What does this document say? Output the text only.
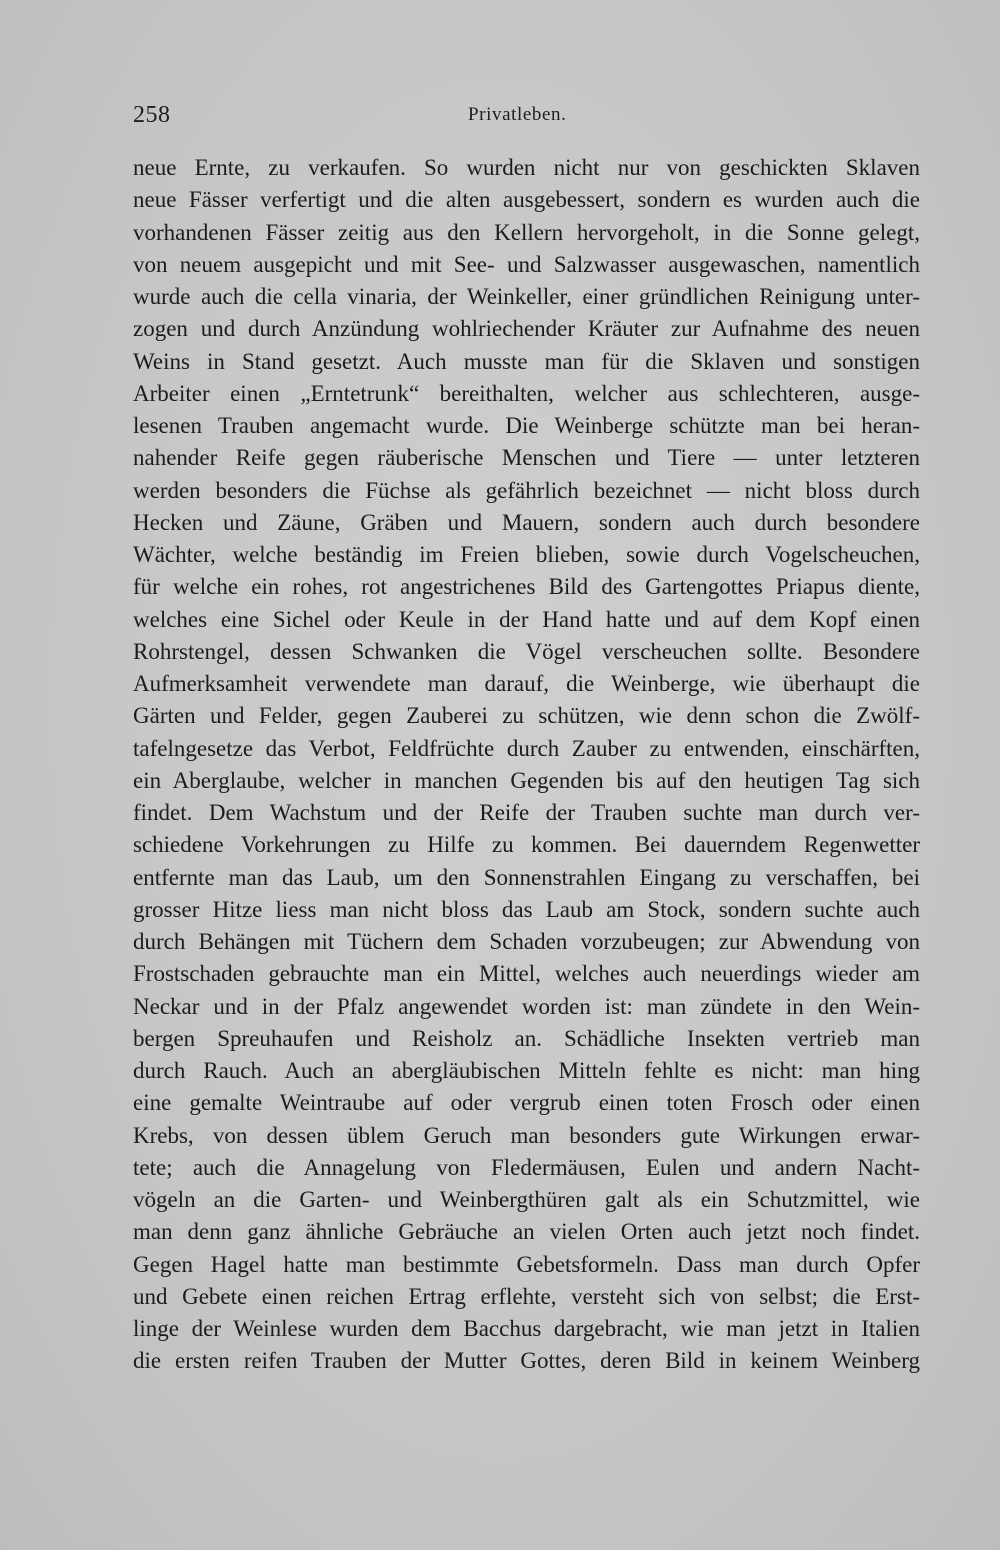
258	Privatleben.
neue Ernte, zu verkaufen. So wurden nicht nur von geschickten Sklaven
neue Fässer verfertigt und die alten ausgebessert, sondern es wurden auch die
vorhandenen Fässer zeitig aus den Kellern hervorgeholt, in die Sonne gelegt,
von neuem ausgepicht und mit See- und Salzwasser ausgewaschen, namentlich
wurde auch die cella vinaria, der Weinkeller, einer gründlichen Reinigung unter-
zogen und durch Anzündung wohlriechender Kräuter zur Aufnahme des neuen
Weins in Stand gesetzt. Auch musste man für die Sklaven und sonstigen
Arbeiter einen „Erntetrunk“ bereithalten, welcher aus schlechteren, ausge-
lesenen Trauben angemacht wurde. Die Weinberge schützte man bei heran-
nahender Reife gegen räuberische Menschen und Tiere — unter letzteren
werden besonders die Füchse als gefährlich bezeichnet — nicht bloss durch
Hecken und Zäune, Gräben und Mauern, sondern auch durch besondere
Wächter, welche beständig im Freien blieben, sowie durch Vogelscheuchen,
für welche ein rohes, rot angestrichenes Bild des Gartengottes Priapus diente,
welches eine Sichel oder Keule in der Hand hatte und auf dem Kopf einen
Rohrstengel, dessen Schwanken die Vögel verscheuchen sollte. Besondere
Aufmerksamheit verwendete man darauf, die Weinberge, wie überhaupt die
Gärten und Felder, gegen Zauberei zu schützen, wie denn schon die Zwölf-
tafelngesetze das Verbot, Feldfrüchte durch Zauber zu entwenden, einschärften,
ein Aberglaube, welcher in manchen Gegenden bis auf den heutigen Tag sich
findet. Dem Wachstum und der Reife der Trauben suchte man durch ver-
schiedene Vorkehrungen zu Hilfe zu kommen. Bei dauerndem Regenwetter
entfernte man das Laub, um den Sonnenstrahlen Eingang zu verschaffen, bei
grosser Hitze liess man nicht bloss das Laub am Stock, sondern suchte auch
durch Behängen mit Tüchern dem Schaden vorzubeugen; zur Abwendung von
Frostschaden gebrauchte man ein Mittel, welches auch neuerdings wieder am
Neckar und in der Pfalz angewendet worden ist: man zündete in den Wein-
bergen Spreuhaufen und Reisholz an. Schädliche Insekten vertrieb man
durch Rauch. Auch an abergläubischen Mitteln fehlte es nicht: man hing
eine gemalte Weintraube auf oder vergrub einen toten Frosch oder einen
Krebs, von dessen üblem Geruch man besonders gute Wirkungen erwar-
tete; auch die Annagelung von Fledermäusen, Eulen und andern Nacht-
vögeln an die Garten- und Weinbergthüren galt als ein Schutzmittel, wie
man denn ganz ähnliche Gebräuche an vielen Orten auch jetzt noch findet.
Gegen Hagel hatte man bestimmte Gebetsformeln. Dass man durch Opfer
und Gebete einen reichen Ertrag erflehte, versteht sich von selbst; die Erst-
linge der Weinlese wurden dem Bacchus dargebracht, wie man jetzt in Italien
die ersten reifen Trauben der Mutter Gottes, deren Bild in keinem Weinberg
